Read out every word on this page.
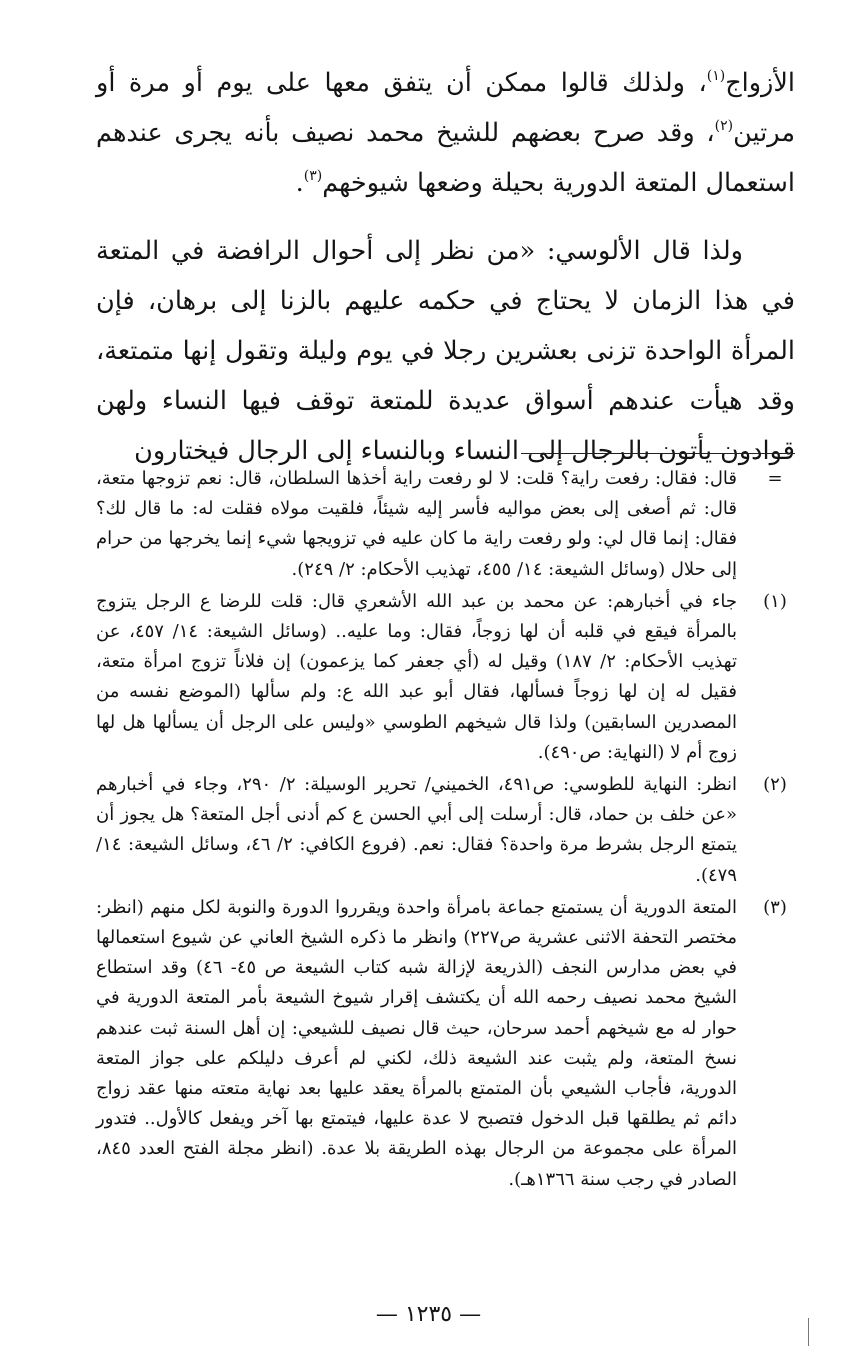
الأزواج$^{(١)}$، ولذلك قالوا ممكن أن يتفق معها على يوم أو مرة أو مرتين$^{(٢)}$، وقد صرح بعضهم للشيخ محمد نصيف بأنه يجرى عندهم استعمال المتعة الدورية بحيلة وضعها شيوخهم$^{(٣)}$.

ولذا قال الألوسي: «من نظر إلى أحوال الرافضة في المتعة في هذا الزمان لا يحتاج في حكمه عليهم بالزنا إلى برهان، فإن المرأة الواحدة تزنى بعشرين رجلا في يوم وليلة وتقول إنها متمتعة، وقد هيأت عندهم أسواق عديدة للمتعة توقف فيها النساء ولهن قوادون يأتون بالرجال إلى النساء وبالنساء إلى الرجال فيختارون

=
قال: فقال: رفعت راية؟ قلت: لا لو رفعت راية أخذها السلطان، قال: نعم تزوجها متعة، قال: ثم أصغى إلى بعض مواليه فأسر إليه شيئاً، فلقيت مولاه فقلت له: ما قال لك؟ فقال: إنما قال لي: ولو رفعت راية ما كان عليه في تزويجها شيء إنما يخرجها من حرام إلى حلال (وسائل الشيعة: ١٤/ ٤٥٥، تهذيب الأحكام: ٢/ ٢٤٩).
(١)
جاء في أخبارهم: عن محمد بن عبد الله الأشعري قال: قلت للرضا ع الرجل يتزوج بالمرأة فيقع في قلبه أن لها زوجاً، فقال: وما عليه.. (وسائل الشيعة: ١٤/ ٤٥٧، عن تهذيب الأحكام: ٢/ ١٨٧) وقيل له (أي جعفر كما يزعمون) إن فلاناً تزوج امرأة متعة، فقيل له إن لها زوجاً فسألها، فقال أبو عبد الله ع: ولم سألها (الموضع نفسه من المصدرين السابقين) ولذا قال شيخهم الطوسي «وليس على الرجل أن يسألها هل لها زوج أم لا (النهاية: ص٤٩٠).
(٢)
انظر: النهاية للطوسي: ص٤٩١، الخميني/ تحرير الوسيلة: ٢/ ٢٩٠، وجاء في أخبارهم «عن خلف بن حماد، قال: أرسلت إلى أبي الحسن ع كم أدنى أجل المتعة؟ هل يجوز أن يتمتع الرجل بشرط مرة واحدة؟ فقال: نعم. (فروع الكافي: ٢/ ٤٦، وسائل الشيعة: ١٤/ ٤٧٩).
(٣)
المتعة الدورية أن يستمتع جماعة بامرأة واحدة ويقرروا الدورة والنوبة لكل منهم (انظر: مختصر التحفة الاثنى عشرية ص٢٢٧) وانظر ما ذكره الشيخ العاني عن شيوع استعمالها في بعض مدارس النجف (الذريعة لإزالة شبه كتاب الشيعة ص ٤٥- ٤٦) وقد استطاع الشيخ محمد نصيف رحمه الله أن يكتشف إقرار شيوخ الشيعة بأمر المتعة الدورية في حوار له مع شيخهم أحمد سرحان، حيث قال نصيف للشيعي: إن أهل السنة ثبت عندهم نسخ المتعة، ولم يثبت عند الشيعة ذلك، لكني لم أعرف دليلكم على جواز المتعة الدورية، فأجاب الشيعي بأن المتمتع بالمرأة يعقد عليها بعد نهاية متعته منها عقد زواج دائم ثم يطلقها قبل الدخول فتصبح لا عدة عليها، فيتمتع بها آخر ويفعل كالأول.. فتدور المرأة على مجموعة من الرجال بهذه الطريقة بلا عدة. (انظر مجلة الفتح العدد ٨٤٥، الصادر في رجب سنة ١٣٦٦هـ).
— ١٢٣٥ —
